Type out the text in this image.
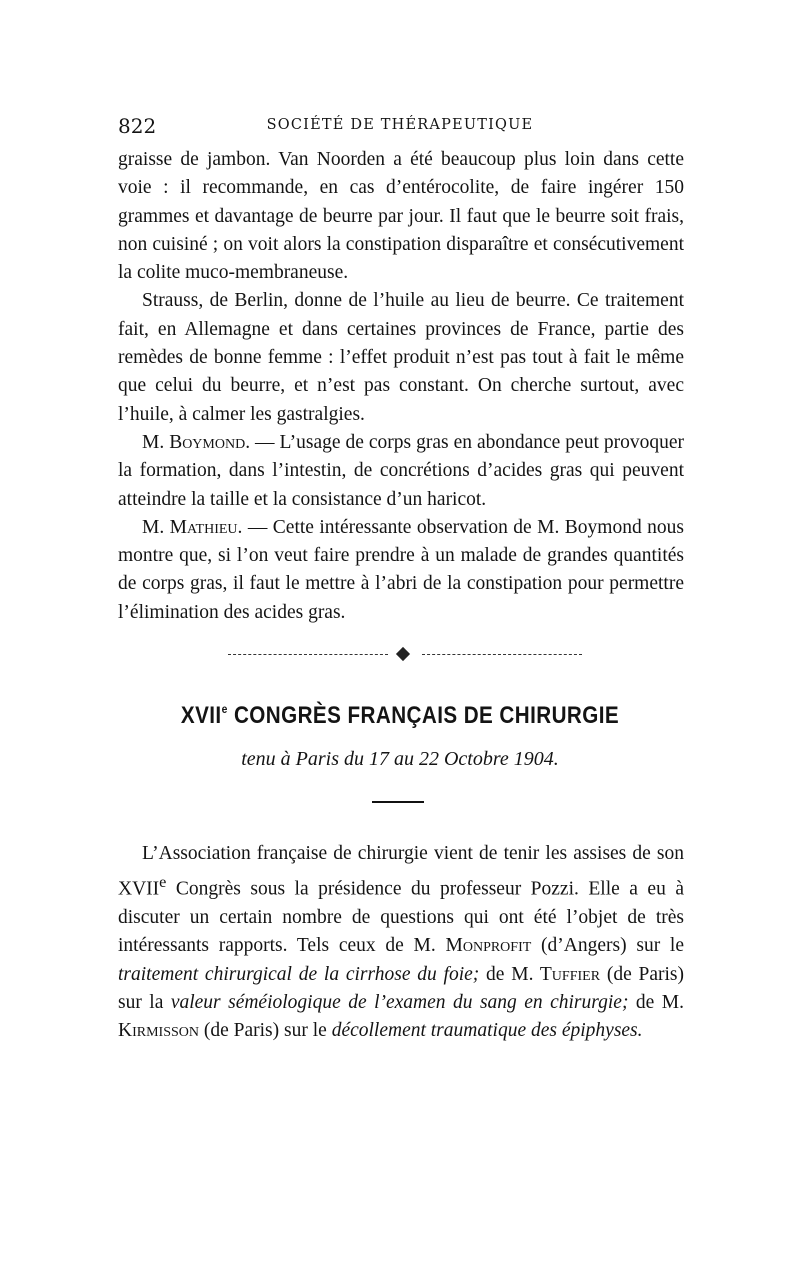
822	SOCIÉTÉ DE THÉRAPEUTIQUE

graisse de jambon. Van Noorden a été beaucoup plus loin dans cette voie : il recommande, en cas d’entérocolite, de faire ingérer 150 grammes et davantage de beurre par jour. Il faut que le beurre soit frais, non cuisiné ; on voit alors la constipation disparaître et consécutivement la colite muco-membraneuse.

Strauss, de Berlin, donne de l’huile au lieu de beurre. Ce traitement fait, en Allemagne et dans certaines provinces de France, partie des remèdes de bonne femme : l’effet produit n’est pas tout à fait le même que celui du beurre, et n’est pas constant. On cherche surtout, avec l’huile, à calmer les gastralgies.

M. Boymond. — L’usage de corps gras en abondance peut provoquer la formation, dans l’intestin, de concrétions d’acides gras qui peuvent atteindre la taille et la consistance d’un haricot.

M. Mathieu. — Cette intéressante observation de M. Boymond nous montre que, si l’on veut faire prendre à un malade de grandes quantités de corps gras, il faut le mettre à l’abri de la constipation pour permettre l’élimination des acides gras.

XVIIe CONGRÈS FRANÇAIS DE CHIRURGIE
tenu à Paris du 17 au 22 Octobre 1904.

L’Association française de chirurgie vient de tenir les assises de son XVIIe Congrès sous la présidence du professeur Pozzi. Elle a eu à discuter un certain nombre de questions qui ont été l’objet de très intéressants rapports. Tels ceux de M. Monprofit (d’Angers) sur le traitement chirurgical de la cirrhose du foie; de M. Tuffier (de Paris) sur la valeur séméiologique de l’examen du sang en chirurgie; de M. Kirmisson (de Paris) sur le décollement traumatique des épiphyses.
